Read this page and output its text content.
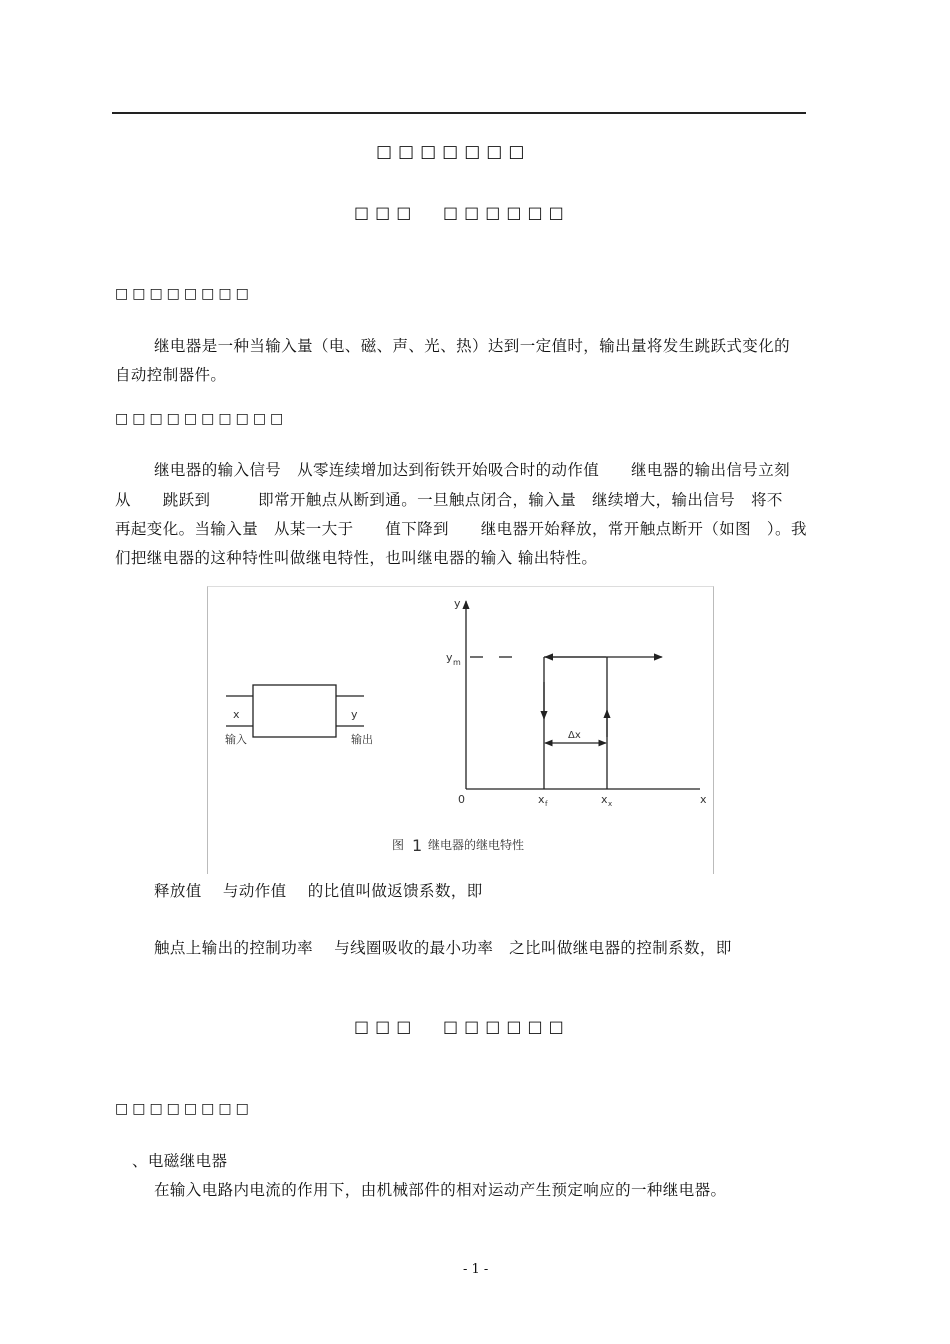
□□□□□□□
□□□ □□□□□□
□□□□□□□□
继电器是一种当输入量（电、磁、声、光、热）达到一定值时，输出量将发生跳跃式变化的
自动控制器件。
□□□□□□□□□□
继电器的输入信号　从零连续增加达到衔铁开始吸合时的动作值　　继电器的输出信号立刻
从　　跳跃到　　　即常开触点从断到通。一旦触点闭合，输入量　继续增大，输出信号　将不
再起变化。当输入量　从某一大于　　值下降到　　继电器开始释放，常开触点断开（如图　）。我
们把继电器的这种特性叫做继电特性，也叫继电器的输入 输出特性。
x
输入
y
输出
y
x
0
y m
Δx
x f	x x
图 1 继电器的继电特性
释放值　 与动作值　 的比值叫做返馈系数，即
触点上输出的控制功率　 与线圈吸收的最小功率　之比叫做继电器的控制系数，即
□□□ □□□□□□
□□□□□□□□
、电磁继电器
在输入电路内电流的作用下，由机械部件的相对运动产生预定响应的一种继电器。
- 1 -
